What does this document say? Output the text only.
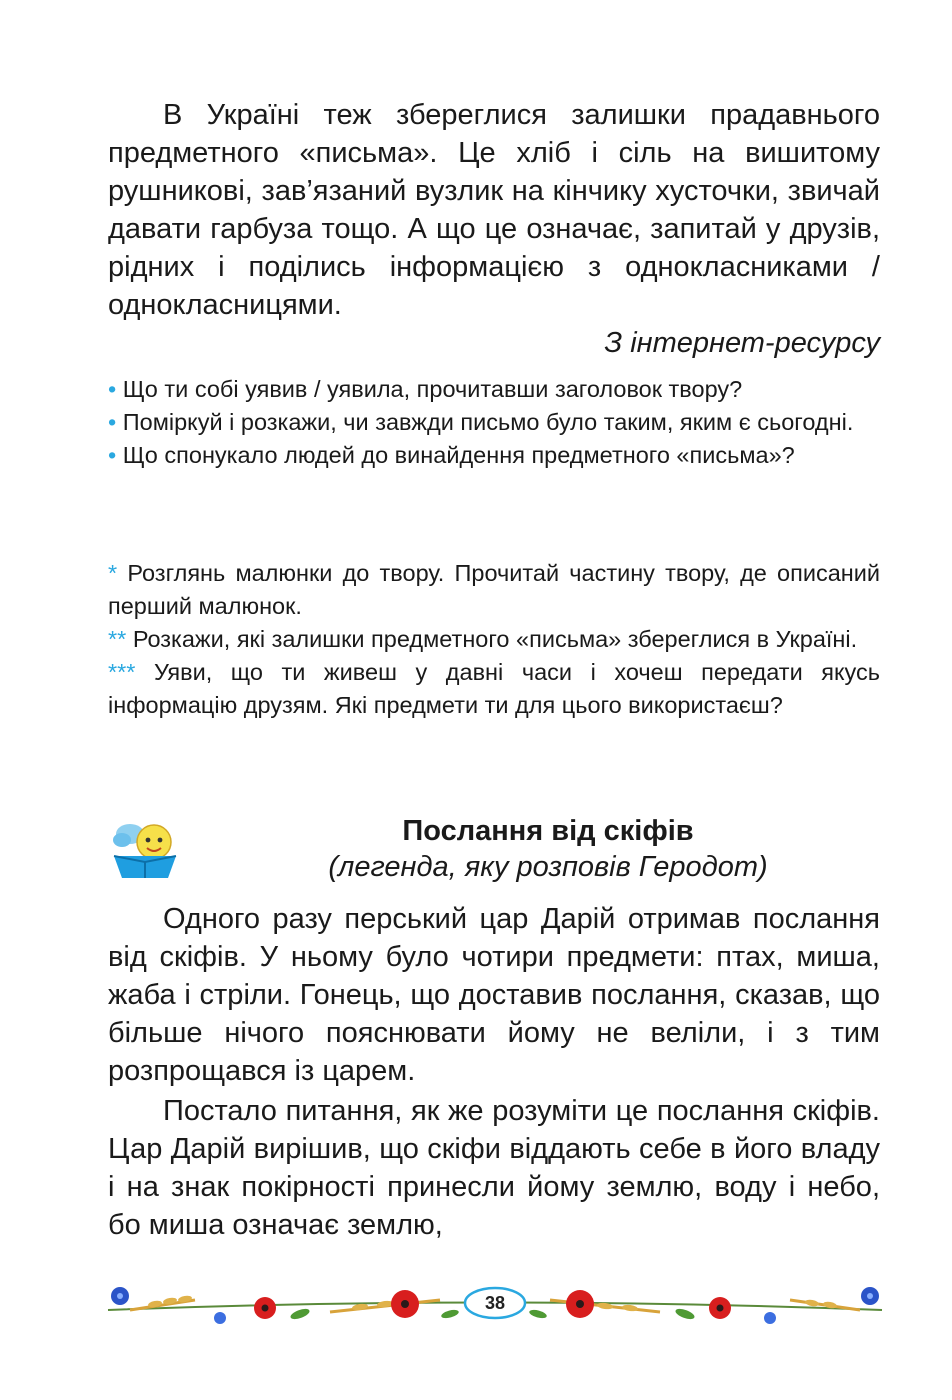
В Україні теж збереглися залишки прадавнього предметного «письма». Це хліб і сіль на вишитому рушникові, зав’язаний вузлик на кінчику хусточки, звичай давати гарбуза тощо. А що це означає, запитай у друзів, рідних і поділись інформацією з однокласниками / однокласницями.

З інтернет-ресурсу

• Що ти собі уявив / уявила, прочитавши заголовок твору?

• Поміркуй і розкажи, чи завжди письмо було таким, яким є сьогодні.

• Що спонукало людей до винайдення предметного «письма»?

* Розглянь малюнки до твору. Прочитай частину твору, де описаний перший малюнок.

** Розкажи, які залишки предметного «письма» збереглися в Україні.

*** Уяви, що ти живеш у давні часи і хочеш передати якусь інформацію друзям. Які предмети ти для цього використаєш?

Послання від скіфів

(легенда, яку розповів Геродот)

Одного разу перський цар Дарій отримав послання від скіфів. У ньому було чотири предмети: птах, миша, жаба і стріли. Гонець, що доставив послання, сказав, що більше нічого пояснювати йому не веліли, і з тим розпрощався із царем.

Постало питання, як же розуміти це послання скіфів. Цар Дарій вирішив, що скіфи віддають себе в його владу і на знак покірності принесли йому землю, воду і небо, бо миша означає землю,

38
